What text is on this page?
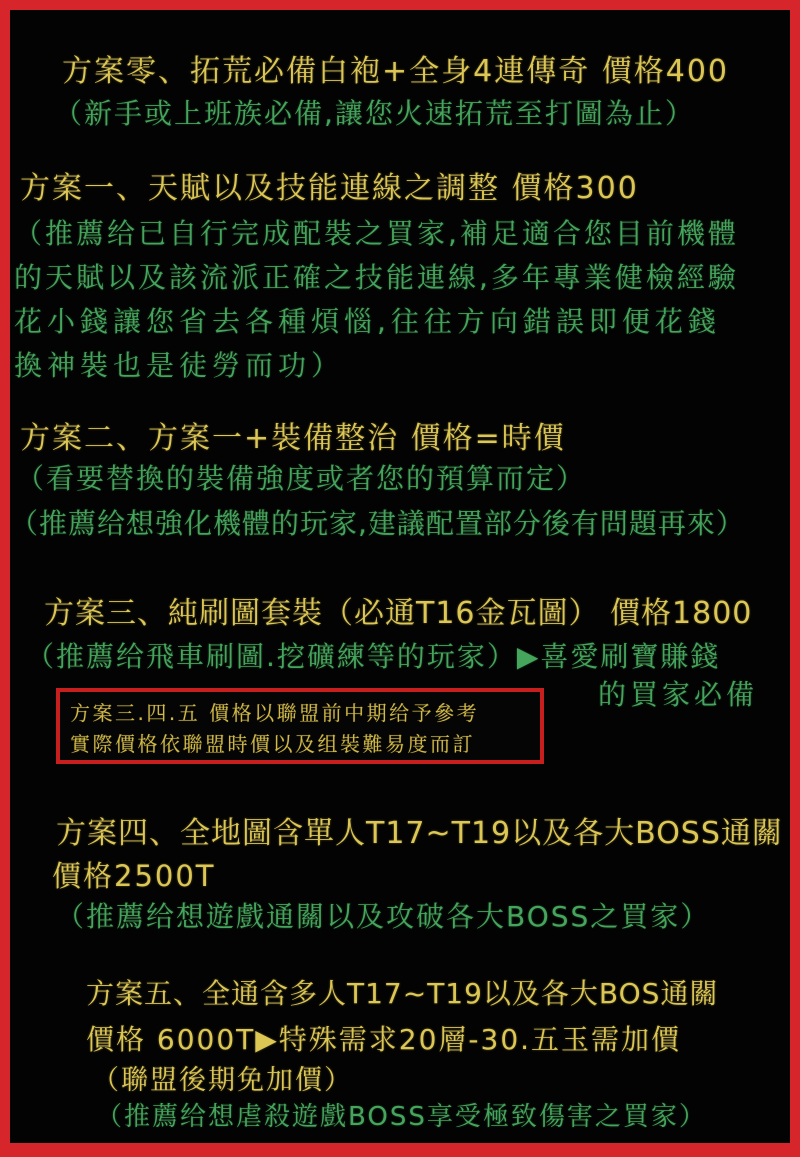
方案零、拓荒必備白袍+全身4連傳奇 價格400
（新手或上班族必備,讓您火速拓荒至打圖為止）
方案一、天賦以及技能連線之調整 價格300
（推薦给已自行完成配裝之買家,補足適合您目前機體
的天賦以及該流派正確之技能連線,多年專業健檢經驗
花小錢讓您省去各種煩惱,往往方向錯誤即便花錢
換神裝也是徒勞而功）
方案二、方案一+裝備整治 價格=時價
（看要替換的裝備強度或者您的預算而定）
（推薦给想強化機體的玩家,建議配置部分後有問題再來）
方案三、純刷圖套裝（必通T16金瓦圖） 價格1800
（推薦给飛車刷圖.挖礦練等的玩家）▶喜愛刷寶賺錢
的買家必備
方案三.四.五 價格以聯盟前中期给予參考
實際價格依聯盟時價以及组裝難易度而訂
方案四、全地圖含單人T17~T19以及各大BOSS通關
價格2500T
（推薦给想遊戲通關以及攻破各大BOSS之買家）
方案五、全通含多人T17~T19以及各大BOS通關
價格 6000T▶特殊需求20層-30.五玉需加價
（聯盟後期免加價）
（推薦给想虐殺遊戲BOSS享受極致傷害之買家）
